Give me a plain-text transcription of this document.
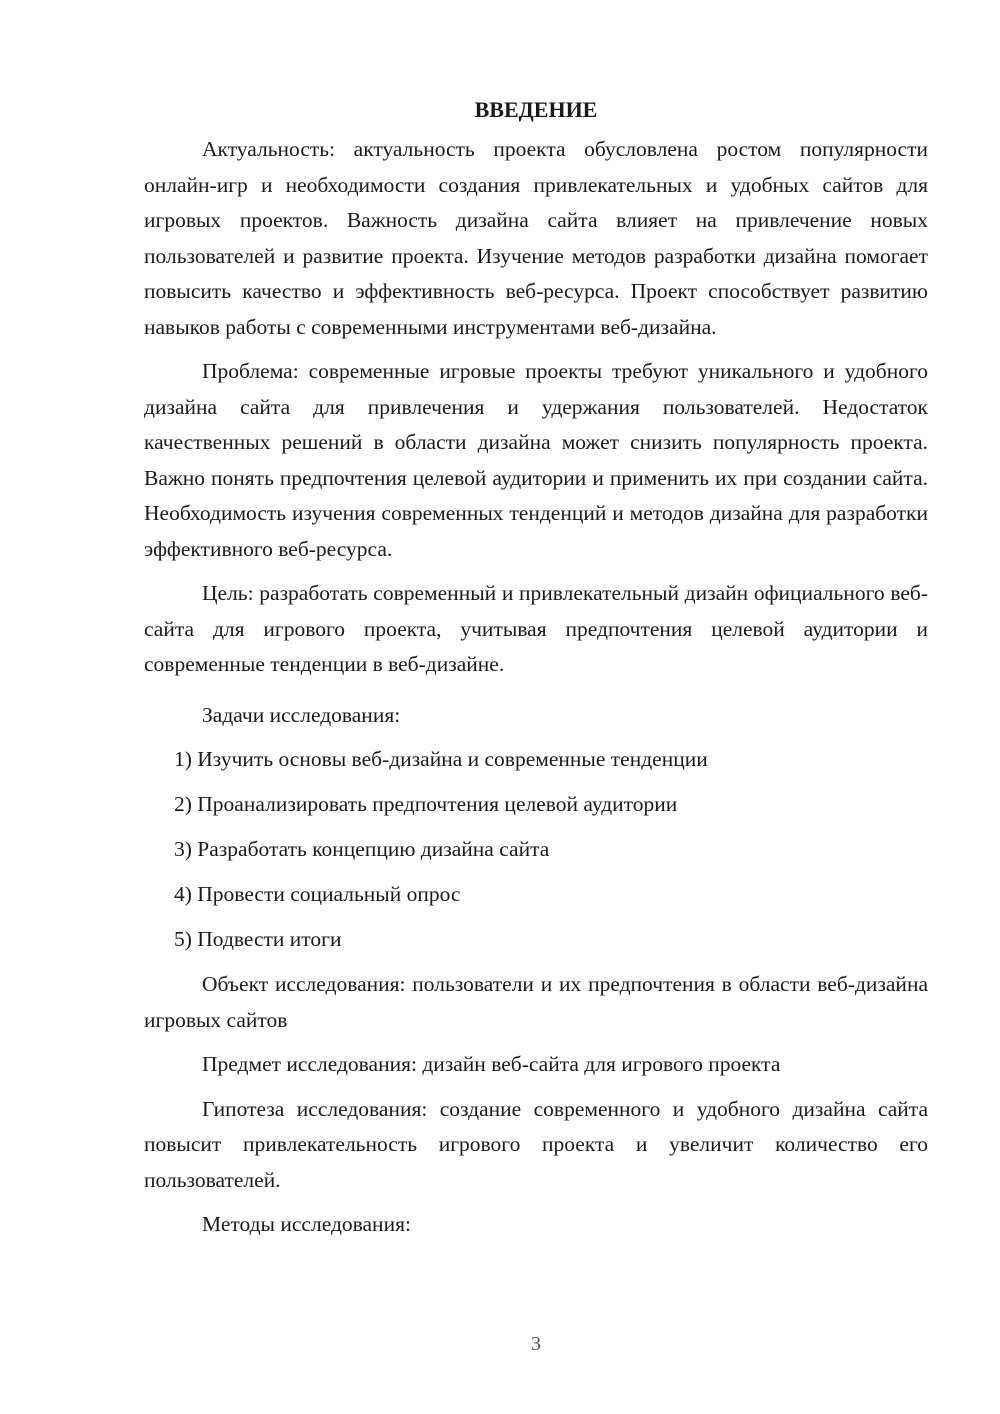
ВВЕДЕНИЕ

Актуальность: актуальность проекта обусловлена ростом популярности онлайн-игр и необходимости создания привлекательных и удобных сайтов для игровых проектов. Важность дизайна сайта влияет на привлечение новых пользователей и развитие проекта. Изучение методов разработки дизайна помогает повысить качество и эффективность веб-ресурса. Проект способствует развитию навыков работы с современными инструментами веб-дизайна.

Проблема: современные игровые проекты требуют уникального и удобного дизайна сайта для привлечения и удержания пользователей. Недостаток качественных решений в области дизайна может снизить популярность проекта. Важно понять предпочтения целевой аудитории и применить их при создании сайта. Необходимость изучения современных тенденций и методов дизайна для разработки эффективного веб-ресурса.

Цель: разработать современный и привлекательный дизайн официального веб-сайта для игрового проекта, учитывая предпочтения целевой аудитории и современные тенденции в веб-дизайне.

Задачи исследования:

1) Изучить основы веб-дизайна и современные тенденции

2) Проанализировать предпочтения целевой аудитории

3) Разработать концепцию дизайна сайта

4) Провести социальный опрос

5) Подвести итоги

Объект исследования: пользователи и их предпочтения в области веб-дизайна игровых сайтов

Предмет исследования: дизайн веб-сайта для игрового проекта

Гипотеза исследования: создание современного и удобного дизайна сайта повысит привлекательность игрового проекта и увеличит количество его пользователей.

Методы исследования:

3
